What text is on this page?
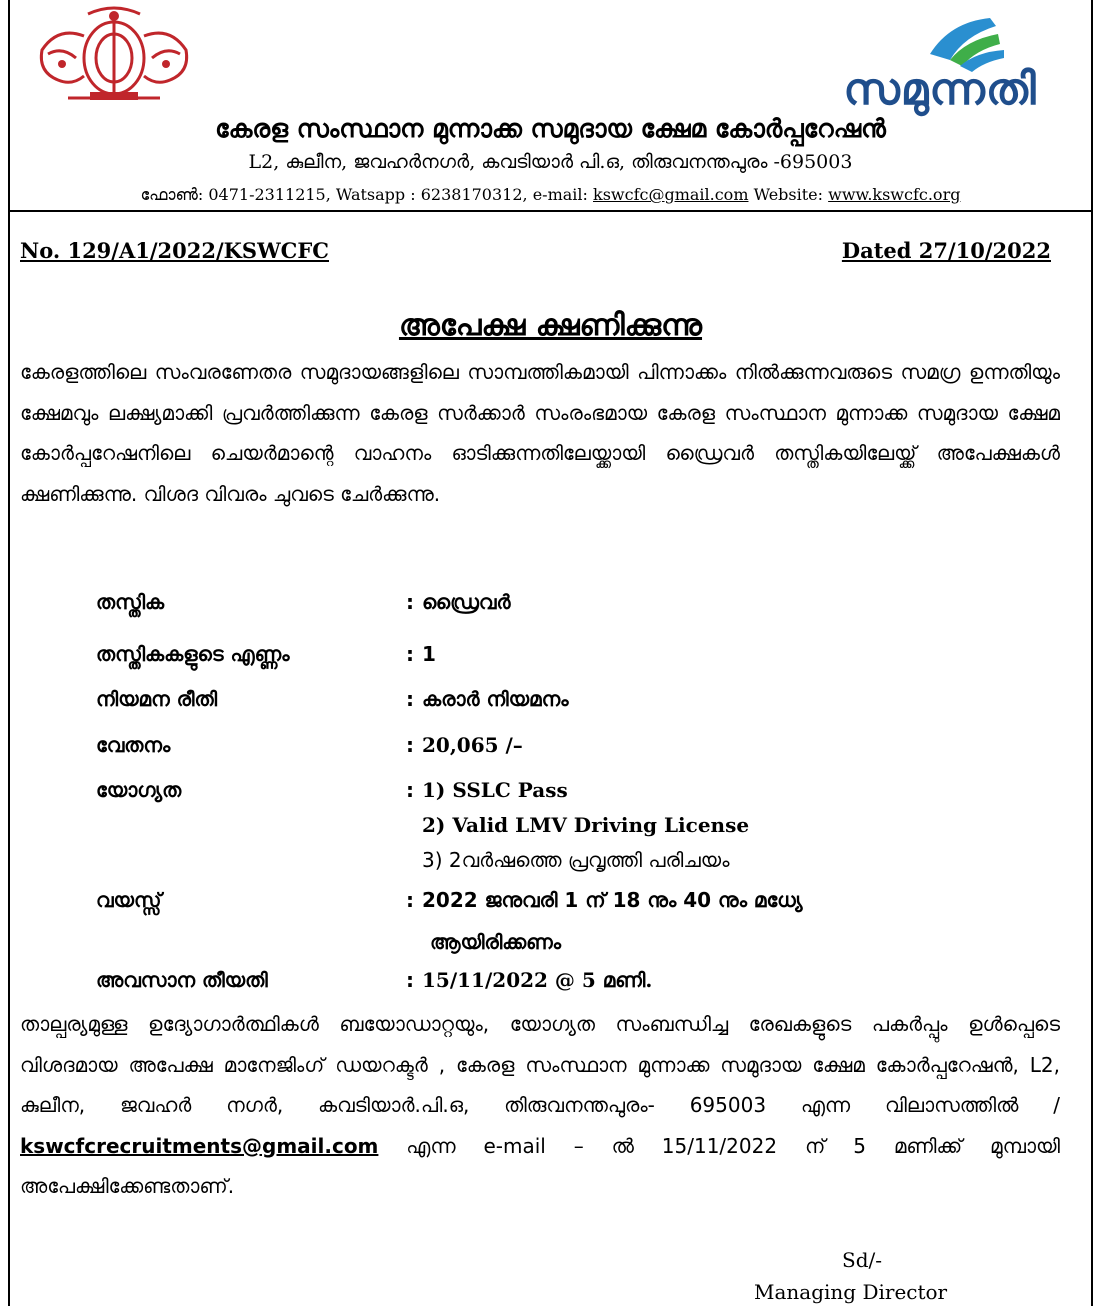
സമുന്നതി
കേരള സംസ്ഥാന മുന്നാക്ക സമുദായ ക്ഷേമ കോർപ്പറേഷൻ
L2, കുലീന, ജവഹർനഗർ, കവടിയാർ പി.ഒ, തിരുവനന്തപുരം -695003
ഫോൺ: 0471-2311215, Watsapp : 6238170312, e-mail: kswcfc@gmail.com Website: www.kswcfc.org
No. 129/A1/2022/KSWCFC	Dated 27/10/2022
അപേക്ഷ ക്ഷണിക്കുന്നു
കേരളത്തിലെ സംവരണേതര സമുദായങ്ങളിലെ സാമ്പത്തികമായി പിന്നാക്കം നിൽക്കുന്നവരുടെ സമഗ്ര ഉന്നതിയും ക്ഷേമവും ലക്ഷ്യമാക്കി പ്രവർത്തിക്കുന്ന കേരള സർക്കാർ സംരംഭമായ കേരള സംസ്ഥാന മുന്നാക്ക സമുദായ ക്ഷേമ കോർപ്പറേഷനിലെ ചെയർമാന്റെ വാഹനം ഓടിക്കുന്നതിലേയ്ക്കായി ഡ്രൈവർ തസ്തികയിലേയ്ക്ക് അപേക്ഷകൾ ക്ഷണിക്കുന്നു. വിശദ വിവരം ചുവടെ ചേർക്കുന്നു.
തസ്തിക	: ഡ്രൈവർ
തസ്തികകളുടെ എണ്ണം	: 1
നിയമന രീതി	: കരാർ നിയമനം
വേതനം	: 20,065 /–
യോഗ്യത	: 1) SSLC Pass
2) Valid LMV Driving License
3) 2വർഷത്തെ പ്രവൃത്തി പരിചയം
വയസ്സ്	: 2022 ജനുവരി 1 ന് 18 നും 40 നും മധ്യേ
ആയിരിക്കണം
അവസാന തീയതി	: 15/11/2022 @ 5 മണി.
താല്പര്യമുള്ള ഉദ്യോഗാർത്ഥികൾ ബയോഡാറ്റയും, യോഗ്യത സംബന്ധിച്ച രേഖകളുടെ പകർപ്പും ഉൾപ്പെടെ വിശദമായ അപേക്ഷ മാനേജിംഗ് ഡയറക്ടർ , കേരള സംസ്ഥാന മുന്നാക്ക സമുദായ ക്ഷേമ കോർപ്പറേഷൻ, L2, കുലീന, ജവഹർ നഗർ, കവടിയാർ.പി.ഒ, തിരുവനന്തപുരം- 695003 എന്ന വിലാസത്തിൽ / kswcfcrecruitments@gmail.com എന്ന e-mail – ൽ 15/11/2022 ന് 5 മണിക്ക് മുമ്പായി അപേക്ഷിക്കേണ്ടതാണ്.
Sd/-
Managing Director
